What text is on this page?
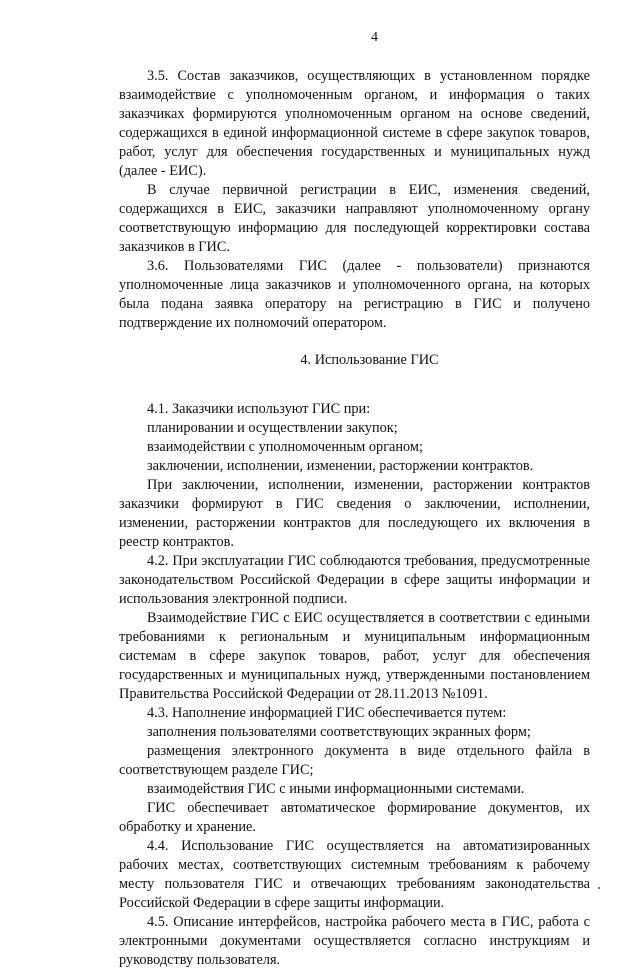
4

3.5. Состав заказчиков, осуществляющих в установленном порядке взаимодействие с уполномоченным органом, и информация о таких заказчиках формируются уполномоченным органом на основе сведений, содержащихся в единой информационной системе в сфере закупок товаров, работ, услуг для обеспечения государственных и муниципальных нужд (далее - ЕИС).

В случае первичной регистрации в ЕИС, изменения сведений, содержащихся в ЕИС, заказчики направляют уполномоченному органу соответствующую информацию для последующей корректировки состава заказчиков в ГИС.

3.6. Пользователями ГИС (далее - пользователи) признаются уполномоченные лица заказчиков и уполномоченного органа, на которых была подана заявка оператору на регистрацию в ГИС и получено подтверждение их полномочий оператором.

4. Использование ГИС

4.1. Заказчики используют ГИС при:

планировании и осуществлении закупок;

взаимодействии с уполномоченным органом;

заключении, исполнении, изменении, расторжении контрактов.

При заключении, исполнении, изменении, расторжении контрактов заказчики формируют в ГИС сведения о заключении, исполнении, изменении, расторжении контрактов для последующего их включения в реестр контрактов.

4.2. При эксплуатации ГИС соблюдаются требования, предусмотренные законодательством Российской Федерации в сфере защиты информации и использования электронной подписи.

Взаимодействие ГИС с ЕИС осуществляется в соответствии с едиными требованиями к региональным и муниципальным информационным системам в сфере закупок товаров, работ, услуг для обеспечения государственных и муниципальных нужд, утвержденными постановлением Правительства Российской Федерации от 28.11.2013 №1091.

4.3. Наполнение информацией ГИС обеспечивается путем:

заполнения пользователями соответствующих экранных форм;

размещения электронного документа в виде отдельного файла в соответствующем разделе ГИС;

взаимодействия ГИС с иными информационными системами.

ГИС обеспечивает автоматическое формирование документов, их обработку и хранение.

4.4. Использование ГИС осуществляется на автоматизированных рабочих местах, соответствующих системным требованиям к рабочему месту пользователя ГИС и отвечающих требованиям законодательства Российской Федерации в сфере защиты информации.

4.5. Описание интерфейсов, настройка рабочего места в ГИС, работа с электронными документами осуществляется согласно инструкциям и руководству пользователя.
